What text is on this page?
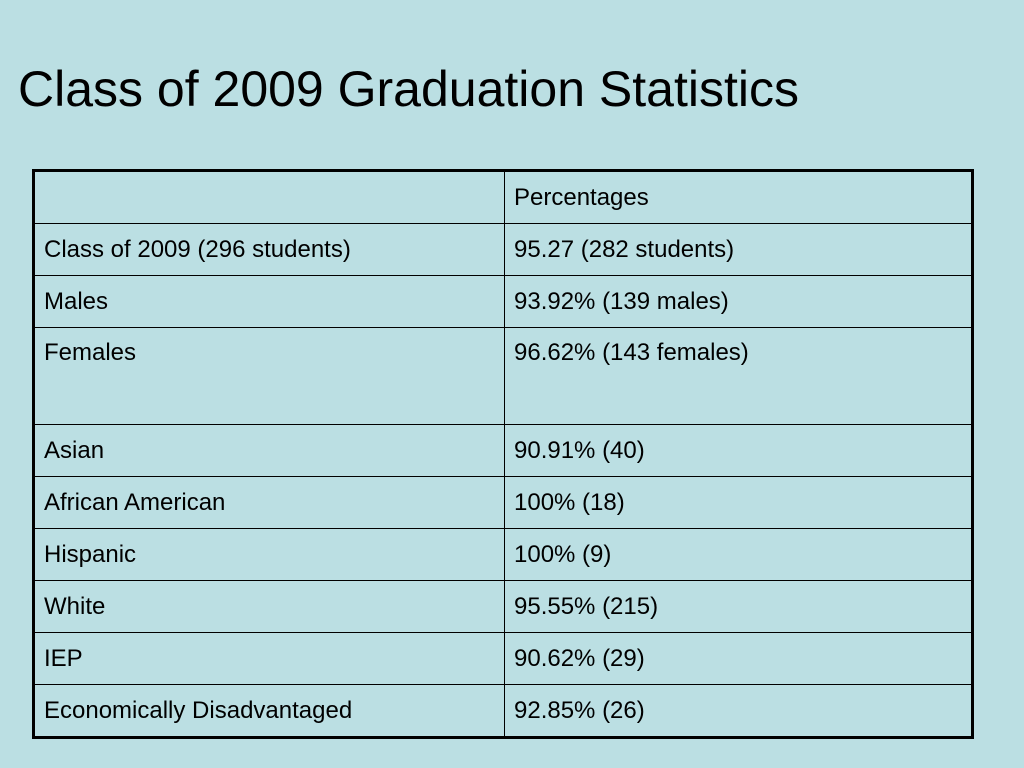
Class of 2009 Graduation Statistics
	Percentages
Class of 2009 (296 students)	95.27 (282 students)
Males	93.92% (139 males)
Females	96.62% (143 females)
Asian	90.91% (40)
African American	100% (18)
Hispanic	100% (9)
White	95.55% (215)
IEP	90.62% (29)
Economically Disadvantaged	92.85% (26)
